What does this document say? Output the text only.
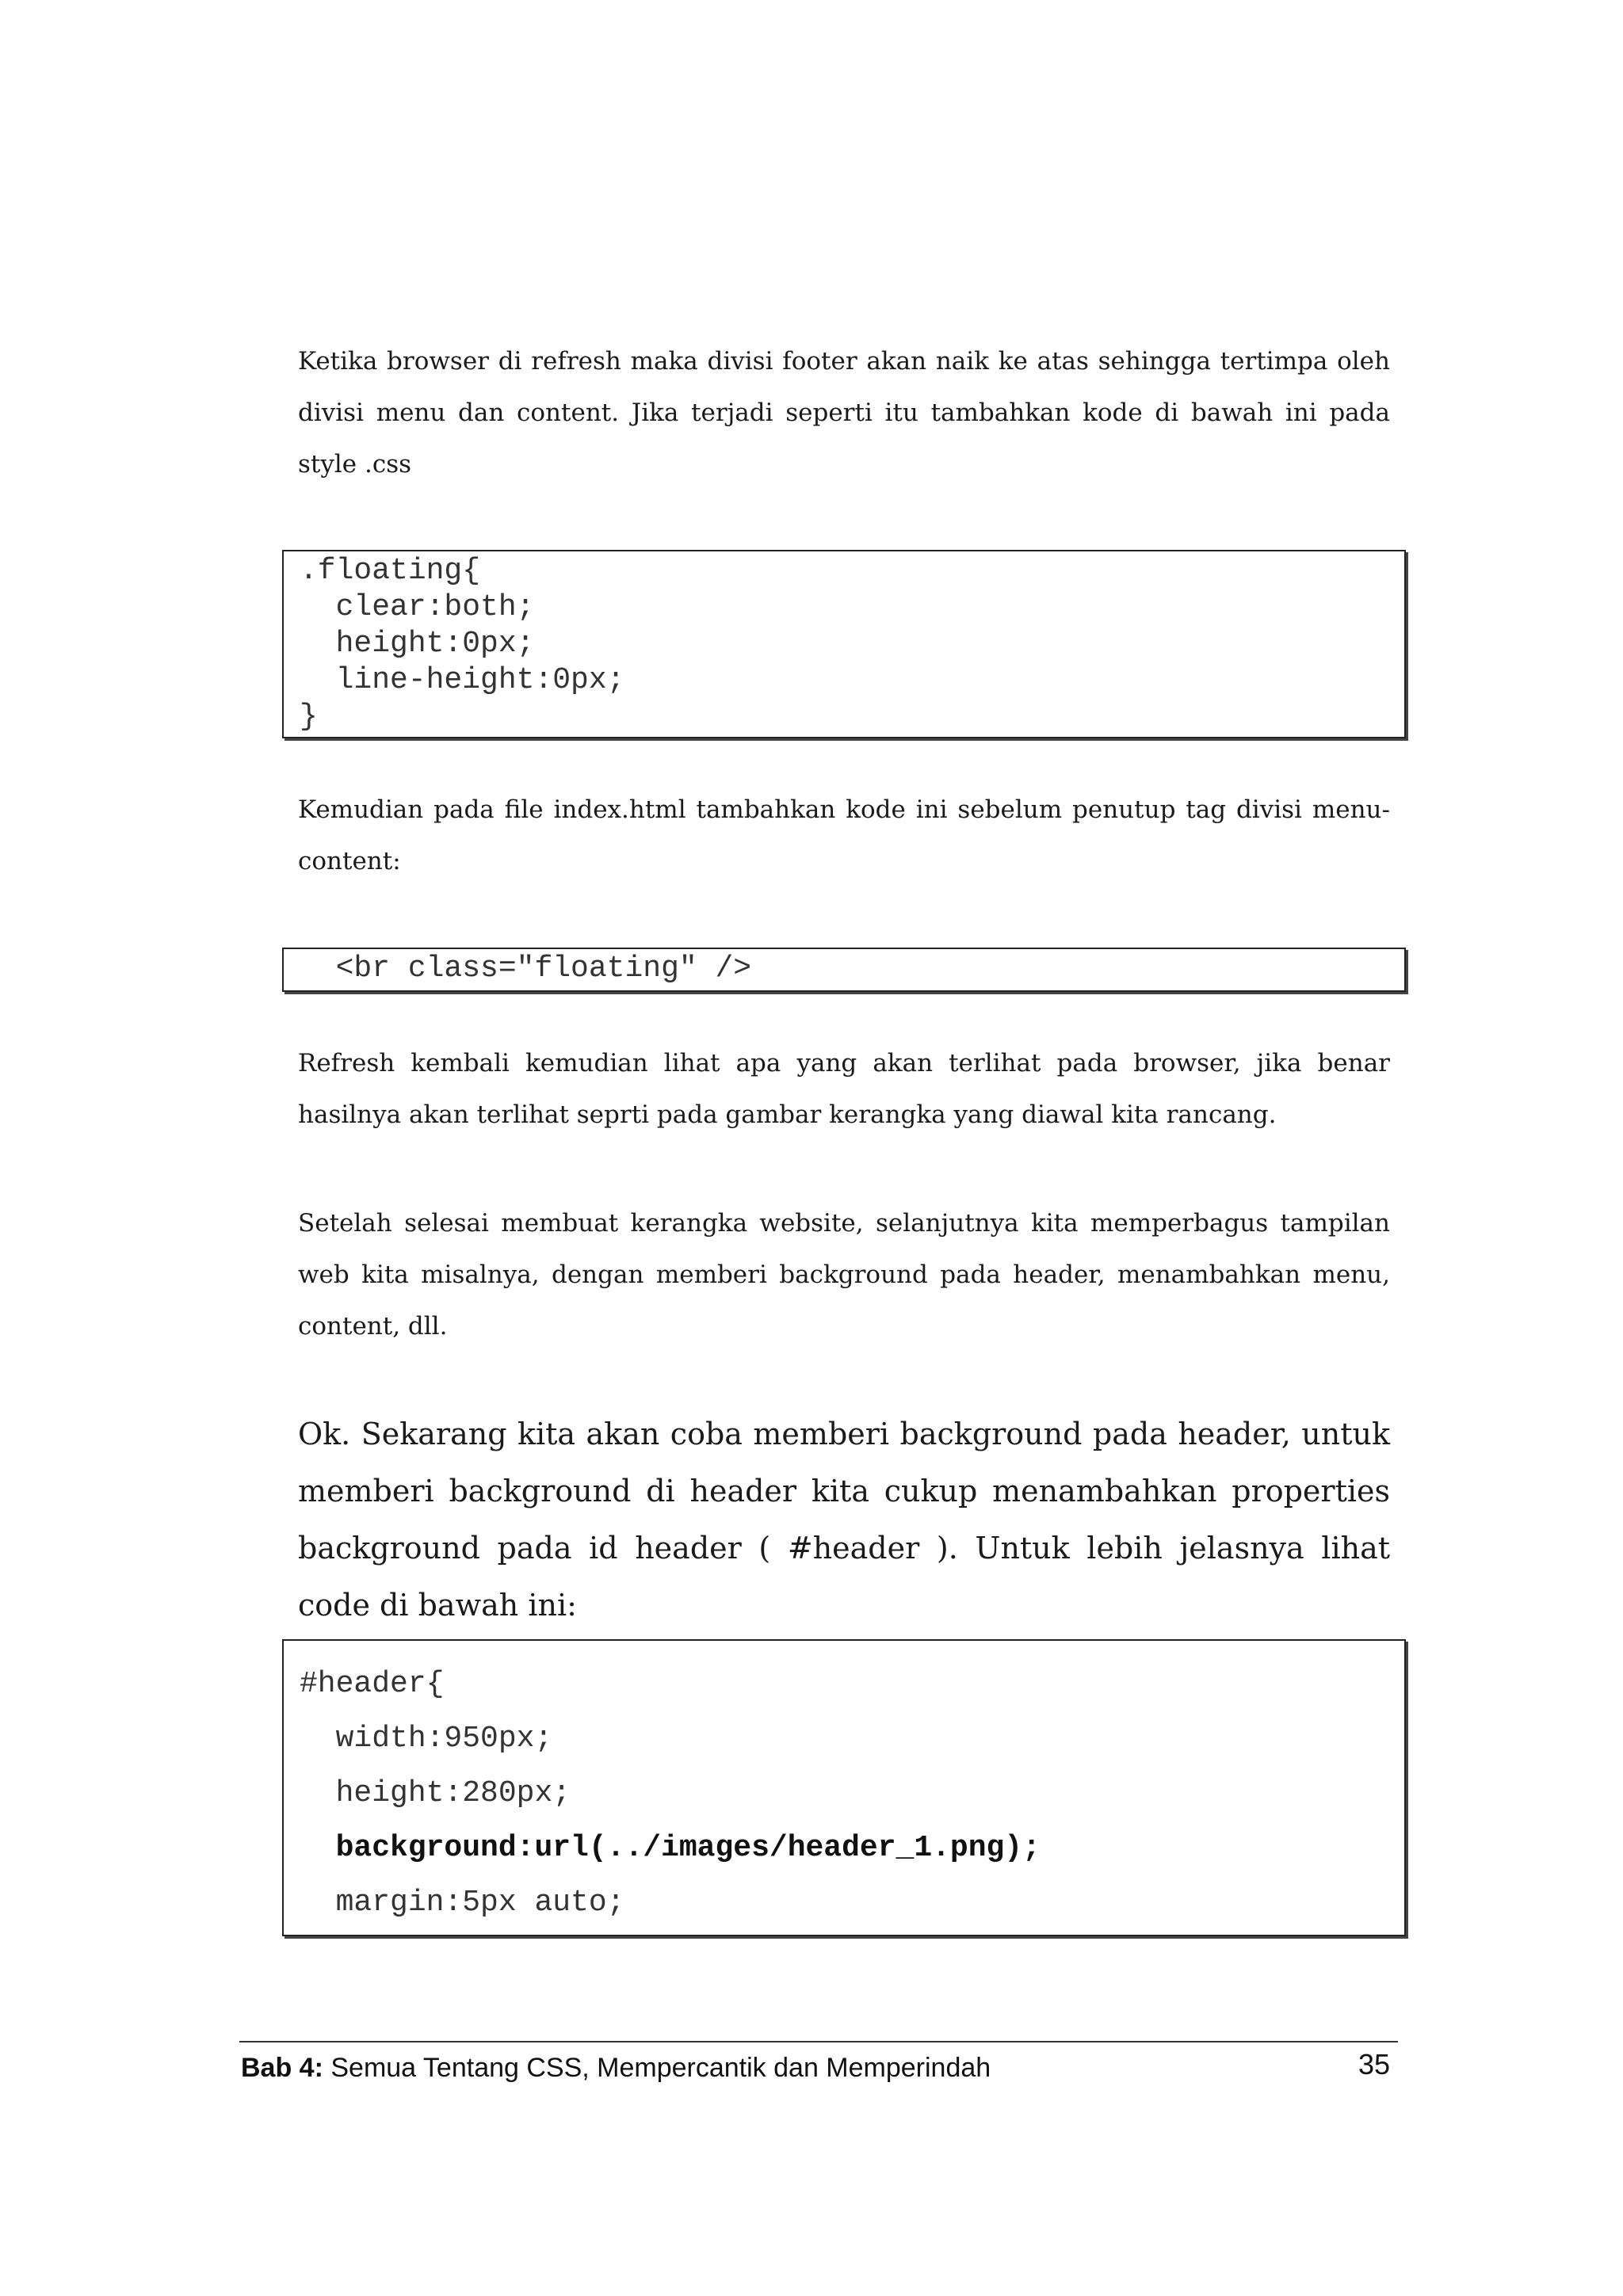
Ketika browser di refresh maka divisi footer akan naik ke atas sehingga tertimpa oleh divisi menu dan content. Jika terjadi seperti itu tambahkan kode di bawah ini pada style .css

.floating{
clear:both;
height:0px;
line-height:0px;
}

Kemudian pada file index.html tambahkan kode ini sebelum penutup tag divisi menu-content:

<br class="floating" />

Refresh kembali kemudian lihat apa yang akan terlihat pada browser, jika benar hasilnya akan terlihat seprti pada gambar kerangka yang diawal kita rancang.

Setelah selesai membuat kerangka website, selanjutnya kita memperbagus tampilan web kita misalnya, dengan memberi background pada header, menambahkan menu, content, dll.

Ok. Sekarang kita akan coba memberi background pada header, untuk memberi background di header kita cukup menambahkan properties background pada id header ( #header ). Untuk lebih jelasnya lihat code di bawah ini:

#header{
width:950px;
height:280px;
background:url(../images/header_1.png);
margin:5px auto;
Bab 4: Semua Tentang CSS, Mempercantik dan Memperindah	35
